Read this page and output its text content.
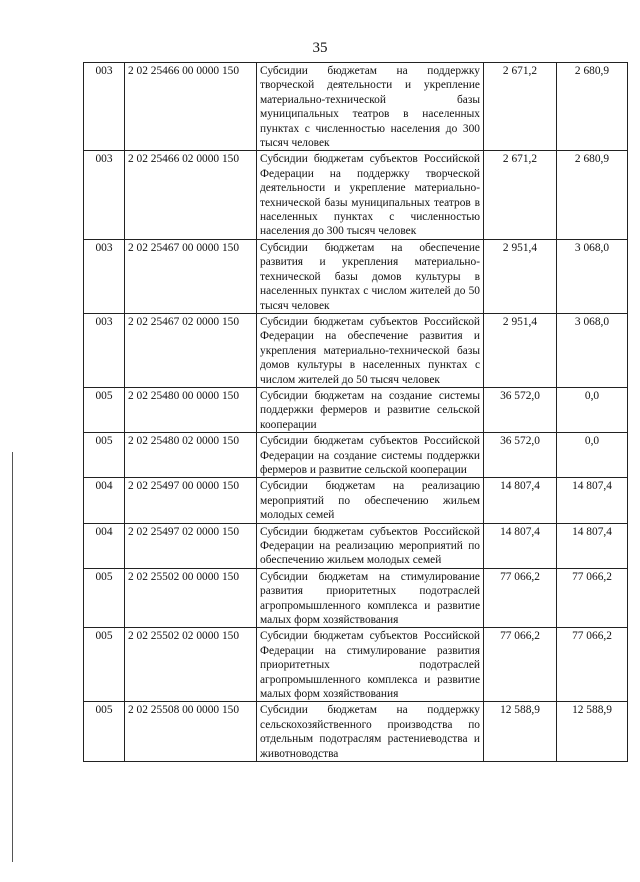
35
003	2 02 25466 00 0000 150	Субсидии бюджетам на поддержку творческой деятельности и укрепление материально-технической базы муниципальных театров в населенных пунктах с численностью населения до 300 тысяч человек	2 671,2	2 680,9
003	2 02 25466 02 0000 150	Субсидии бюджетам субъектов Российской Федерации на поддержку творческой деятельности и укрепление материально-технической базы муниципальных театров в населенных пунктах с численностью населения до 300 тысяч человек	2 671,2	2 680,9
003	2 02 25467 00 0000 150	Субсидии бюджетам на обеспечение развития и укрепления материально-технической базы домов культуры в населенных пунктах с числом жителей до 50 тысяч человек	2 951,4	3 068,0
003	2 02 25467 02 0000 150	Субсидии бюджетам субъектов Российской Федерации на обеспечение развития и укрепления материально-технической базы домов культуры в населенных пунктах с числом жителей до 50 тысяч человек	2 951,4	3 068,0
005	2 02 25480 00 0000 150	Субсидии бюджетам на создание системы поддержки фермеров и развитие сельской кооперации	36 572,0	0,0
005	2 02 25480 02 0000 150	Субсидии бюджетам субъектов Российской Федерации на создание системы поддержки фермеров и развитие сельской кооперации	36 572,0	0,0
004	2 02 25497 00 0000 150	Субсидии бюджетам на реализацию мероприятий по обеспечению жильем молодых семей	14 807,4	14 807,4
004	2 02 25497 02 0000 150	Субсидии бюджетам субъектов Российской Федерации на реализацию мероприятий по обеспечению жильем молодых семей	14 807,4	14 807,4
005	2 02 25502 00 0000 150	Субсидии бюджетам на стимулирование развития приоритетных подотраслей агропромышленного комплекса и развитие малых форм хозяйствования	77 066,2	77 066,2
005	2 02 25502 02 0000 150	Субсидии бюджетам субъектов Российской Федерации на стимулирование развития приоритетных подотраслей агропромышленного комплекса и развитие малых форм хозяйствования	77 066,2	77 066,2
005	2 02 25508 00 0000 150	Субсидии бюджетам на поддержку сельскохозяйственного производства по отдельным подотраслям растениеводства и животноводства	12 588,9	12 588,9
